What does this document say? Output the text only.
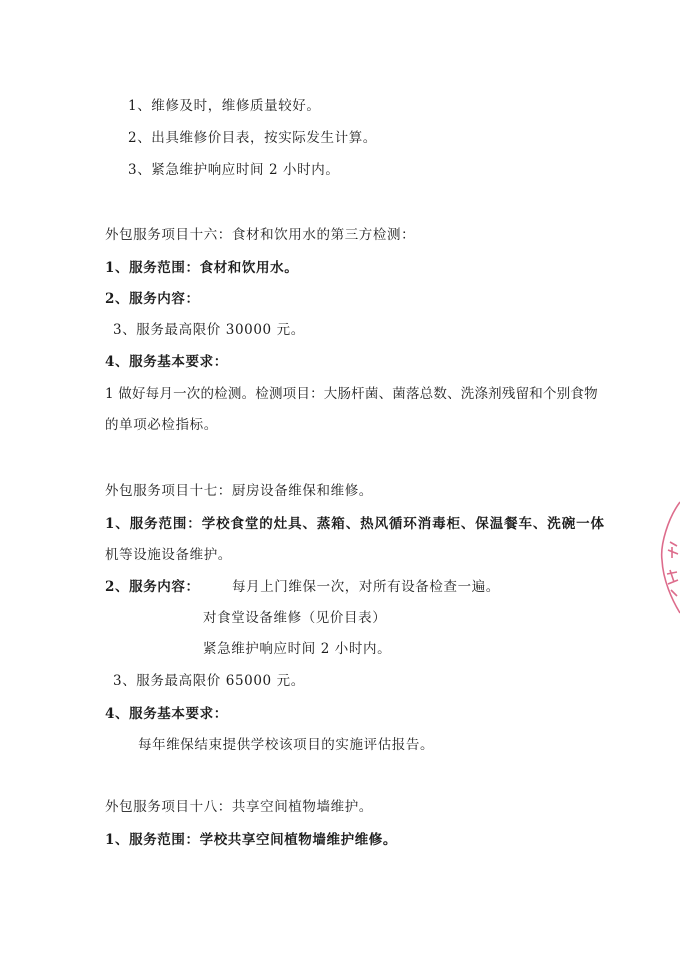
1、维修及时，维修质量较好。
2、出具维修价目表，按实际发生计算。
3、紧急维护响应时间 2 小时内。
外包服务项目十六：食材和饮用水的第三方检测：
1、服务范围：食材和饮用水。
2、服务内容：
3、服务最高限价 30000 元。
4、服务基本要求：
1 做好每月一次的检测。检测项目：大肠杆菌、菌落总数、洗涤剂残留和个别食物
的单项必检指标。
外包服务项目十七：厨房设备维保和维修。
1、服务范围：学校食堂的灶具、蒸箱、热风循环消毒柜、保温餐车、洗碗一体
机等设施设备维护。
2、服务内容： 每月上门维保一次，对所有设备检查一遍。
对食堂设备维修（见价目表）
紧急维护响应时间 2 小时内。
3、服务最高限价 65000 元。
4、服务基本要求：
每年维保结束提供学校该项目的实施评估报告。
外包服务项目十八：共享空间植物墙维护。
1、服务范围：学校共享空间植物墙维护维修。
